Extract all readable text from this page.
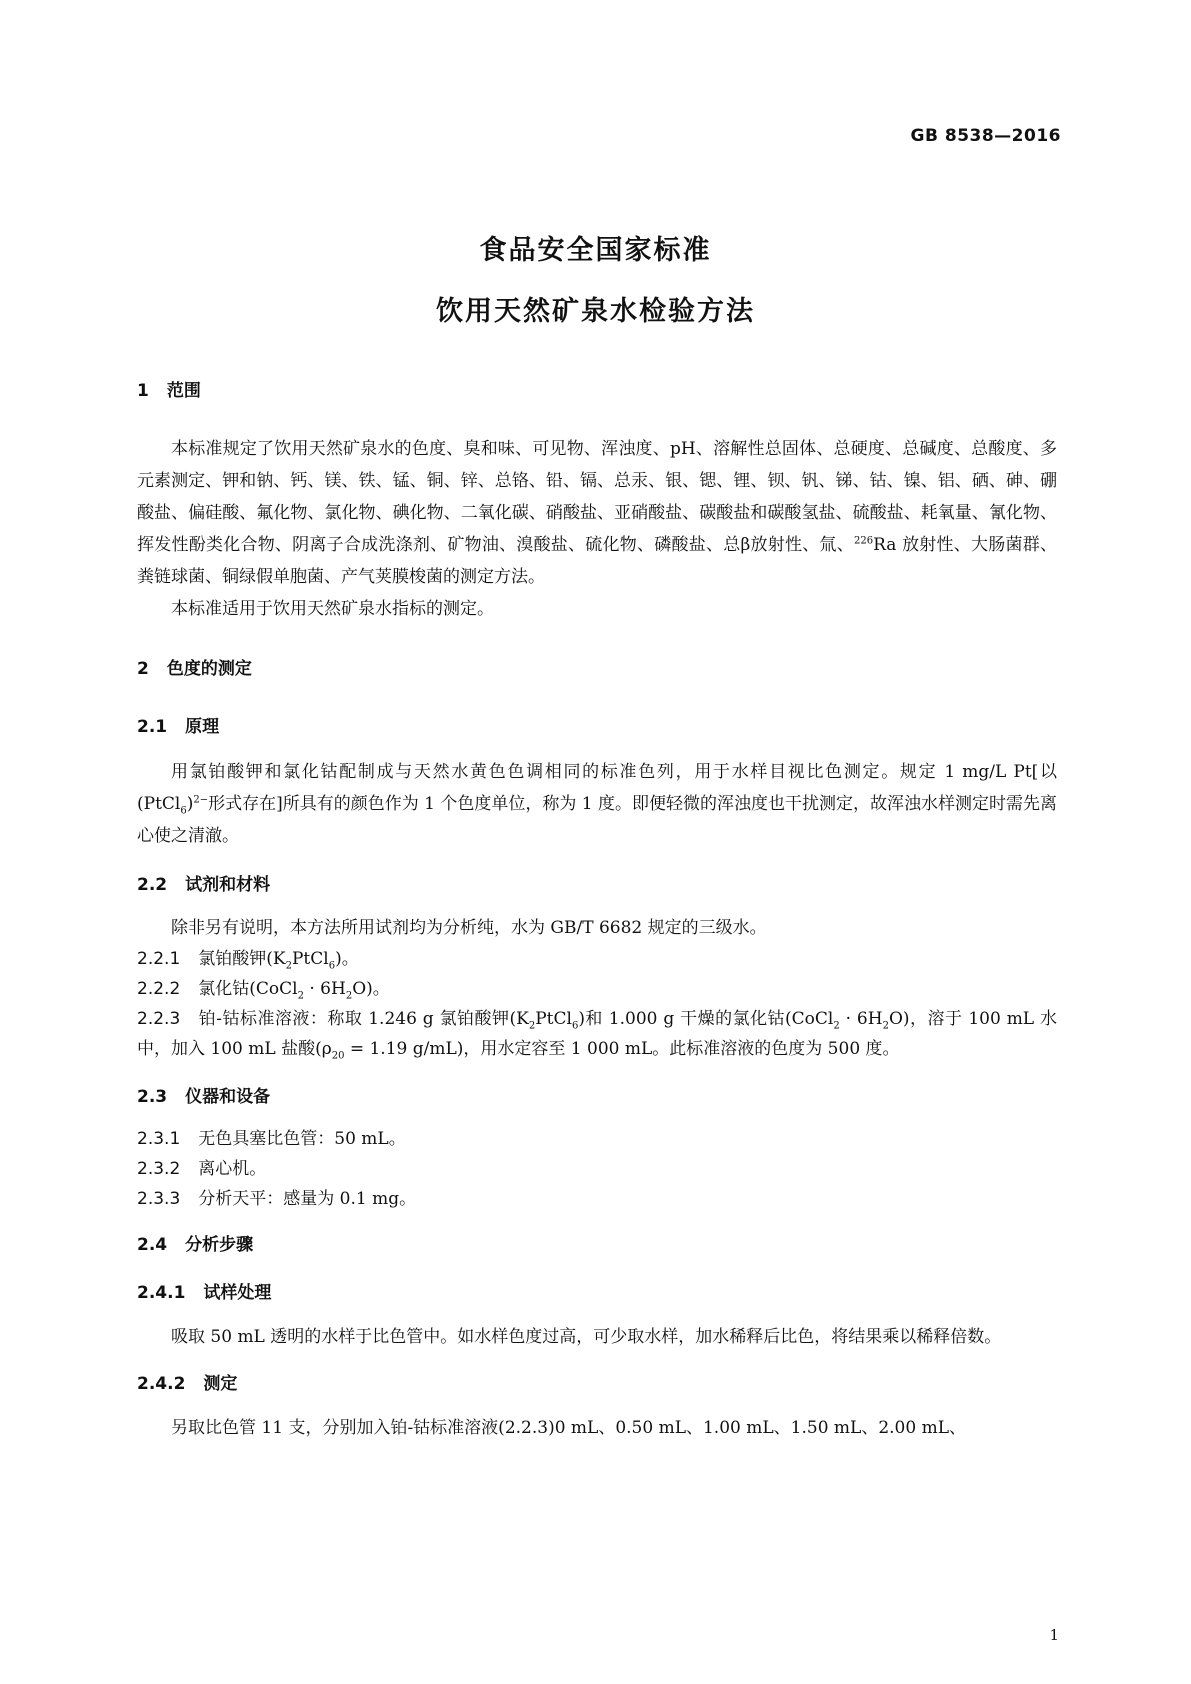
GB 8538—2016
食品安全国家标准
饮用天然矿泉水检验方法
1 范围

本标准规定了饮用天然矿泉水的色度、臭和味、可见物、浑浊度、pH、溶解性总固体、总硬度、总碱度、总酸度、多元素测定、钾和钠、钙、镁、铁、锰、铜、锌、总铬、铅、镉、总汞、银、锶、锂、钡、钒、锑、钴、镍、铝、硒、砷、硼酸盐、偏硅酸、氟化物、氯化物、碘化物、二氧化碳、硝酸盐、亚硝酸盐、碳酸盐和碳酸氢盐、硫酸盐、耗氧量、氰化物、挥发性酚类化合物、阴离子合成洗涤剂、矿物油、溴酸盐、硫化物、磷酸盐、总β放射性、氚、$^{226}$Ra 放射性、大肠菌群、粪链球菌、铜绿假单胞菌、产气荚膜梭菌的测定方法。

本标准适用于饮用天然矿泉水指标的测定。

2 色度的测定
2.1 原理

用氯铂酸钾和氯化钴配制成与天然水黄色色调相同的标准色列，用于水样目视比色测定。规定 1 mg/L Pt[以(PtCl$_6$)$^{2-}$形式存在]所具有的颜色作为 1 个色度单位，称为 1 度。即便轻微的浑浊度也干扰测定，故浑浊水样测定时需先离心使之清澈。

2.2 试剂和材料

除非另有说明，本方法所用试剂均为分析纯，水为 GB/T 6682 规定的三级水。

2.2.1 氯铂酸钾$(K_2PtCl_6)$。

2.2.2 氯化钴(CoCl$_2$ · $6H_2O$)。

2.2.3 铂-钴标准溶液：称取 1.246 g 氯铂酸钾$(K_2PtCl_6)$和 1.000 g 干燥的氯化钴(CoCl$_2$ · $6H_2O$)，溶于 100 mL 水中，加入 100 mL 盐酸($\rho_{20} = 1.19$ g/mL)，用水定容至 1 000 mL。此标准溶液的色度为 500 度。

2.3 仪器和设备

2.3.1 无色具塞比色管：50 mL。

2.3.2 离心机。

2.3.3 分析天平：感量为 0.1 mg。

2.4 分析步骤
2.4.1 试样处理

吸取 50 mL 透明的水样于比色管中。如水样色度过高，可少取水样，加水稀释后比色，将结果乘以稀释倍数。

2.4.2 测定

另取比色管 11 支，分别加入铂-钴标准溶液(2.2.3)0 mL、0.50 mL、1.00 mL、1.50 mL、2.00 mL、

1
